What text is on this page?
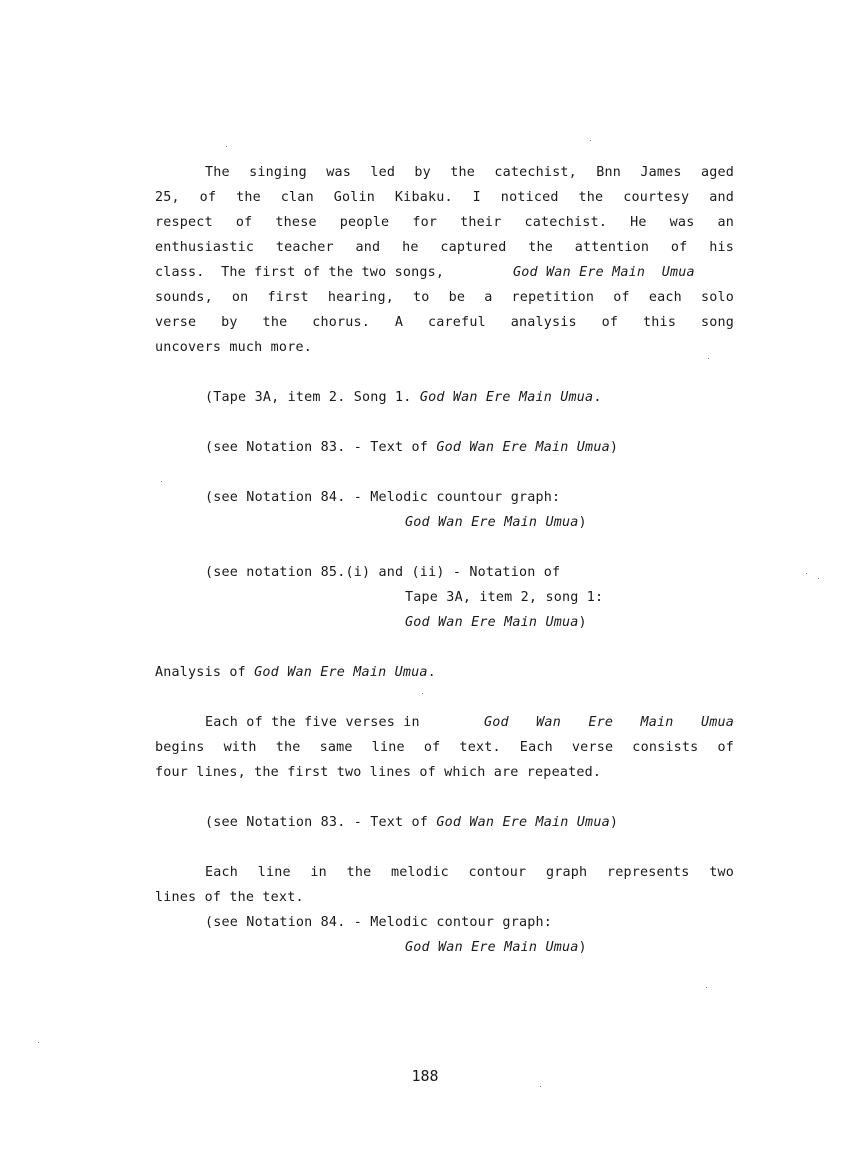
The singing was led by the catechist, Bnn James aged
25, of the clan Golin Kibaku. I noticed the courtesy and
respect of these people for their catechist. He was an
enthusiastic teacher and he captured the attention of his
class.  The first of the two songs,	God Wan Ere Main  Umua
sounds, on first hearing, to be a repetition of each solo
verse by the chorus. A careful analysis of this song
uncovers much more.
(Tape 3A, item 2. Song 1. God Wan Ere Main Umua.
(see Notation 83. - Text of God Wan Ere Main Umua)
(see Notation 84. - Melodic countour graph:
God Wan Ere Main Umua)
(see notation 85.(i) and (ii) - Notation of
Tape 3A, item 2, song 1:
God Wan Ere Main Umua)
Analysis of God Wan Ere Main Umua.
Each of the five verses in	God Wan Ere Main Umua
begins with the same line of text. Each verse consists of
four lines, the first two lines of which are repeated.
(see Notation 83. - Text of God Wan Ere Main Umua)
Each line in the melodic contour graph represents two
lines of the text.
(see Notation 84. - Melodic contour graph:
God Wan Ere Main Umua)
188
